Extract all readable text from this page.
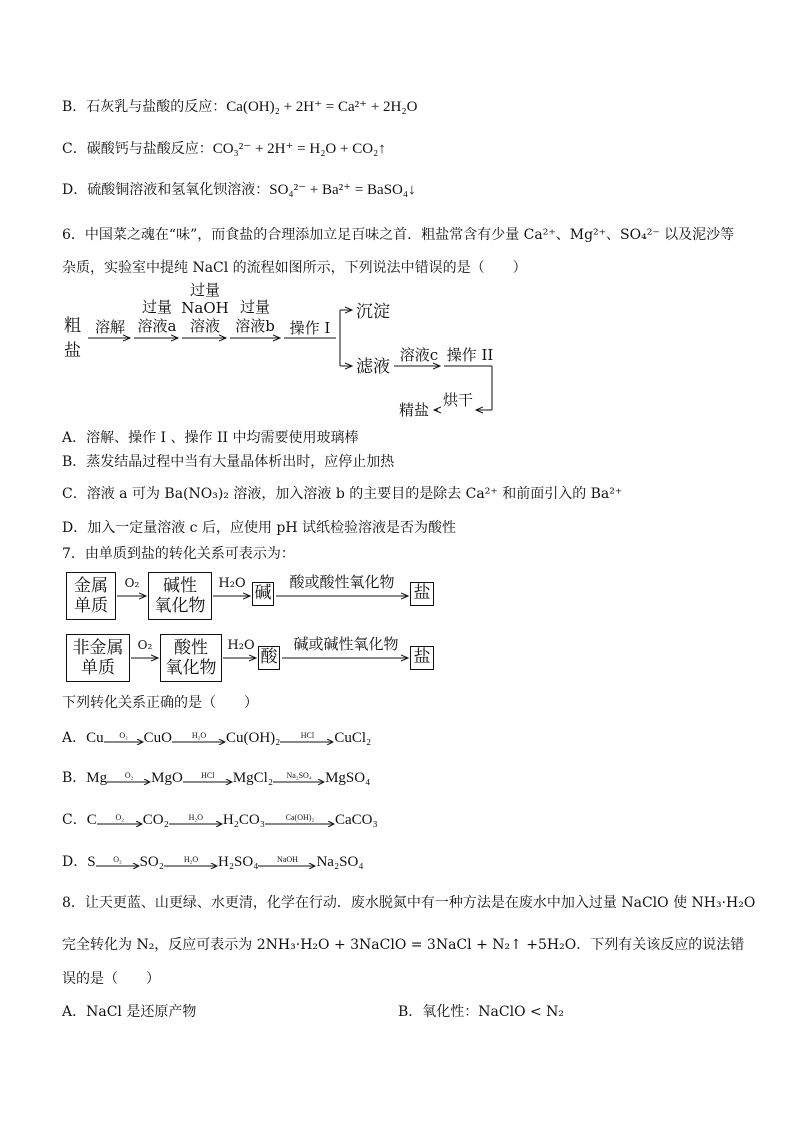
B．石灰乳与盐酸的反应：Ca(OH)₂ + 2H⁺ = Ca²⁺ + 2H₂O
C．碳酸钙与盐酸反应：CO₃²⁻ + 2H⁺ = H₂O + CO₂↑
D．硫酸铜溶液和氢氧化钡溶液：SO₄²⁻ + Ba²⁺ = BaSO₄↓
6．中国菜之魂在“味”，而食盐的合理添加立足百味之首．粗盐常含有少量 Ca²⁺、Mg²⁺、SO₄²⁻ 以及泥沙等
杂质，实验室中提纯 NaCl 的流程如图所示，下列说法中错误的是（　　）
粗
盐
溶解
过量
溶液a
过量
NaOH
溶液
过量
溶液b 操作 I
沉淀
滤液
溶液c 操作 II
烘干
精盐
A．溶解、操作 I 、操作 II 中均需要使用玻璃棒
B．蒸发结晶过程中当有大量晶体析出时，应停止加热
C．溶液 a 可为 Ba(NO₃)₂ 溶液，加入溶液 b 的主要目的是除去 Ca²⁺ 和前面引入的 Ba²⁺
D．加入一定量溶液 c 后，应使用 pH 试纸检验溶液是否为酸性
7．由单质到盐的转化关系可表示为：
金属
单质
O₂	碱性
氧化物
H₂O 碱
酸或酸性氧化物
盐
非金属
单质
O₂	酸性
氧化物
H₂O
酸
碱或碱性氧化物
盐
下列转化关系正确的是（　　）
A．Cu	O₂	CuO	H₂O	Cu(OH)₂	HCl	CuCl₂
B．Mg	O₂	MgO	HCl	MgCl₂	Na₂SO₄ MgSO₄
C．C	O₂	CO₂	H₂O	H₂CO₃	Ca(OH)₂	CaCO₃
D．S	O₂	SO₂	H₂O	H₂SO₄	NaOH	Na₂SO₄
8．让天更蓝、山更绿、水更清，化学在行动．废水脱氮中有一种方法是在废水中加入过量 NaClO 使 NH₃·H₂O
完全转化为 N₂，反应可表示为 2NH₃·H₂O + 3NaClO = 3NaCl + N₂↑ +5H₂O．下列有关该反应的说法错
误的是（　　）
A．NaCl 是还原产物	B．氧化性：NaClO < N₂
